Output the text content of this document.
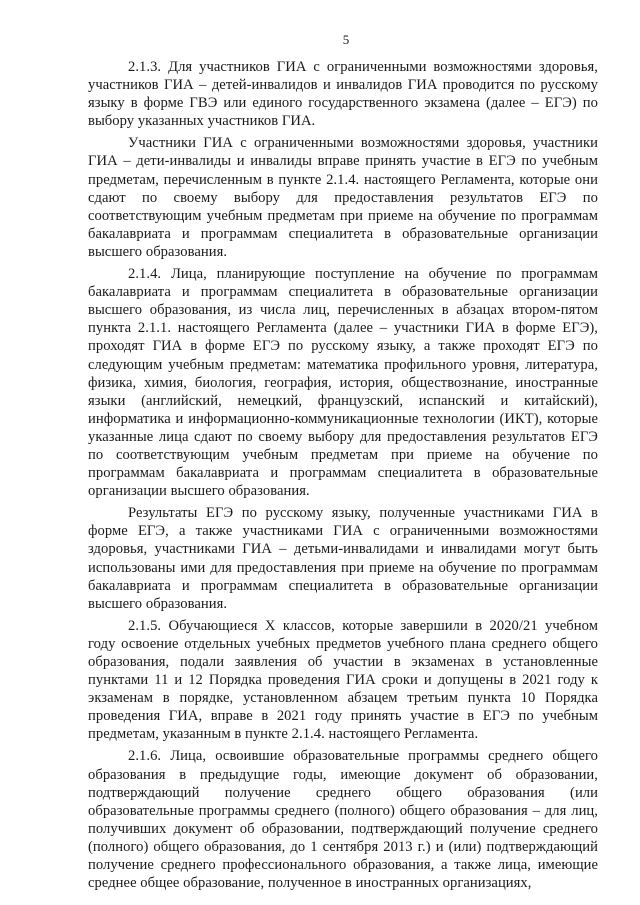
5

2.1.3. Для участников ГИА с ограниченными возможностями здоровья, участников ГИА – детей-инвалидов и инвалидов ГИА проводится по русскому языку в форме ГВЭ или единого государственного экзамена (далее – ЕГЭ) по выбору указанных участников ГИА.

Участники ГИА с ограниченными возможностями здоровья, участники ГИА – дети-инвалиды и инвалиды вправе принять участие в ЕГЭ по учебным предметам, перечисленным в пункте 2.1.4. настоящего Регламента, которые они сдают по своему выбору для предоставления результатов ЕГЭ по соответствующим учебным предметам при приеме на обучение по программам бакалавриата и программам специалитета в образовательные организации высшего образования.

2.1.4. Лица, планирующие поступление на обучение по программам бакалавриата и программам специалитета в образовательные организации высшего образования, из числа лиц, перечисленных в абзацах втором-пятом пункта 2.1.1. настоящего Регламента (далее – участники ГИА в форме ЕГЭ), проходят ГИА в форме ЕГЭ по русскому языку, а также проходят ЕГЭ по следующим учебным предметам: математика профильного уровня, литература, физика, химия, биология, география, история, обществознание, иностранные языки (английский, немецкий, французский, испанский и китайский), информатика и информационно-коммуникационные технологии (ИКТ), которые указанные лица сдают по своему выбору для предоставления результатов ЕГЭ по соответствующим учебным предметам при приеме на обучение по программам бакалавриата и программам специалитета в образовательные организации высшего образования.

Результаты ЕГЭ по русскому языку, полученные участниками ГИА в форме ЕГЭ, а также участниками ГИА с ограниченными возможностями здоровья, участниками ГИА – детьми-инвалидами и инвалидами могут быть использованы ими для предоставления при приеме на обучение по программам бакалавриата и программам специалитета в образовательные организации высшего образования.

2.1.5. Обучающиеся X классов, которые завершили в 2020/21 учебном году освоение отдельных учебных предметов учебного плана среднего общего образования, подали заявления об участии в экзаменах в установленные пунктами 11 и 12 Порядка проведения ГИА сроки и допущены в 2021 году к экзаменам в порядке, установленном абзацем третьим пункта 10 Порядка проведения ГИА, вправе в 2021 году принять участие в ЕГЭ по учебным предметам, указанным в пункте 2.1.4. настоящего Регламента.

2.1.6. Лица, освоившие образовательные программы среднего общего образования в предыдущие годы, имеющие документ об образовании, подтверждающий получение среднего общего образования (или образовательные программы среднего (полного) общего образования – для лиц, получивших документ об образовании, подтверждающий получение среднего (полного) общего образования, до 1 сентября 2013 г.) и (или) подтверждающий получение среднего профессионального образования, а также лица, имеющие среднее общее образование, полученное в иностранных организациях,
